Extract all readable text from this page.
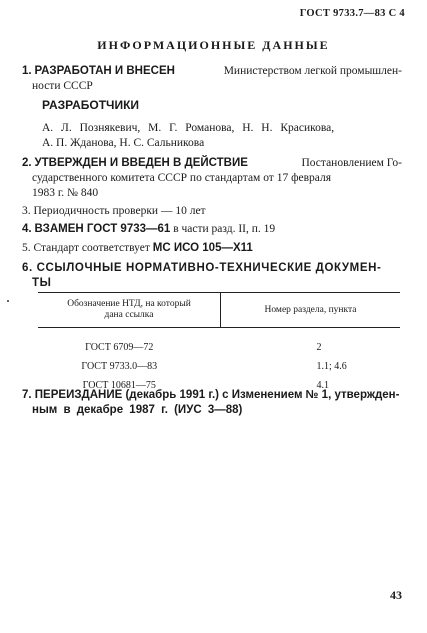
ГОСТ 9733.7—83 С 4
ИНФОРМАЦИОННЫЕ ДАННЫЕ
1. РАЗРАБОТАН И ВНЕСЕН	Министерством легкой промышлен-
ности СССР
РАЗРАБОТЧИКИ
А. Л. Познякевич, М. Г. Романова, Н. Н. Красикова,
А. П. Жданова, Н. С. Сальникова
2. УТВЕРЖДЕН И ВВЕДЕН В ДЕЙСТВИЕ	Постановлением Го-
сударственного комитета СССР по стандартам от 17 февраля
1983 г. № 840
3. Периодичность проверки — 10 лет
4. ВЗАМЕН ГОСТ 9733—61 в части разд. II, п. 19
5. Стандарт соответствует МС ИСО 105—Х11
6. ССЫЛОЧНЫЕ НОРМАТИВНО-ТЕХНИЧЕСКИЕ ДОКУМЕН-
ТЫ
Обозначение НТД, на который
дана ссылка	Номер раздела, пункта

ГОСТ 6709—72	2
ГОСТ 9733.0—83	1.1; 4.6
ГОСТ 10681—75	4.1
7. ПЕРЕИЗДАНИЕ (декабрь 1991 г.) с Изменением № 1, утвержден-
ным в декабре 1987 г. (ИУС 3—88)
43
